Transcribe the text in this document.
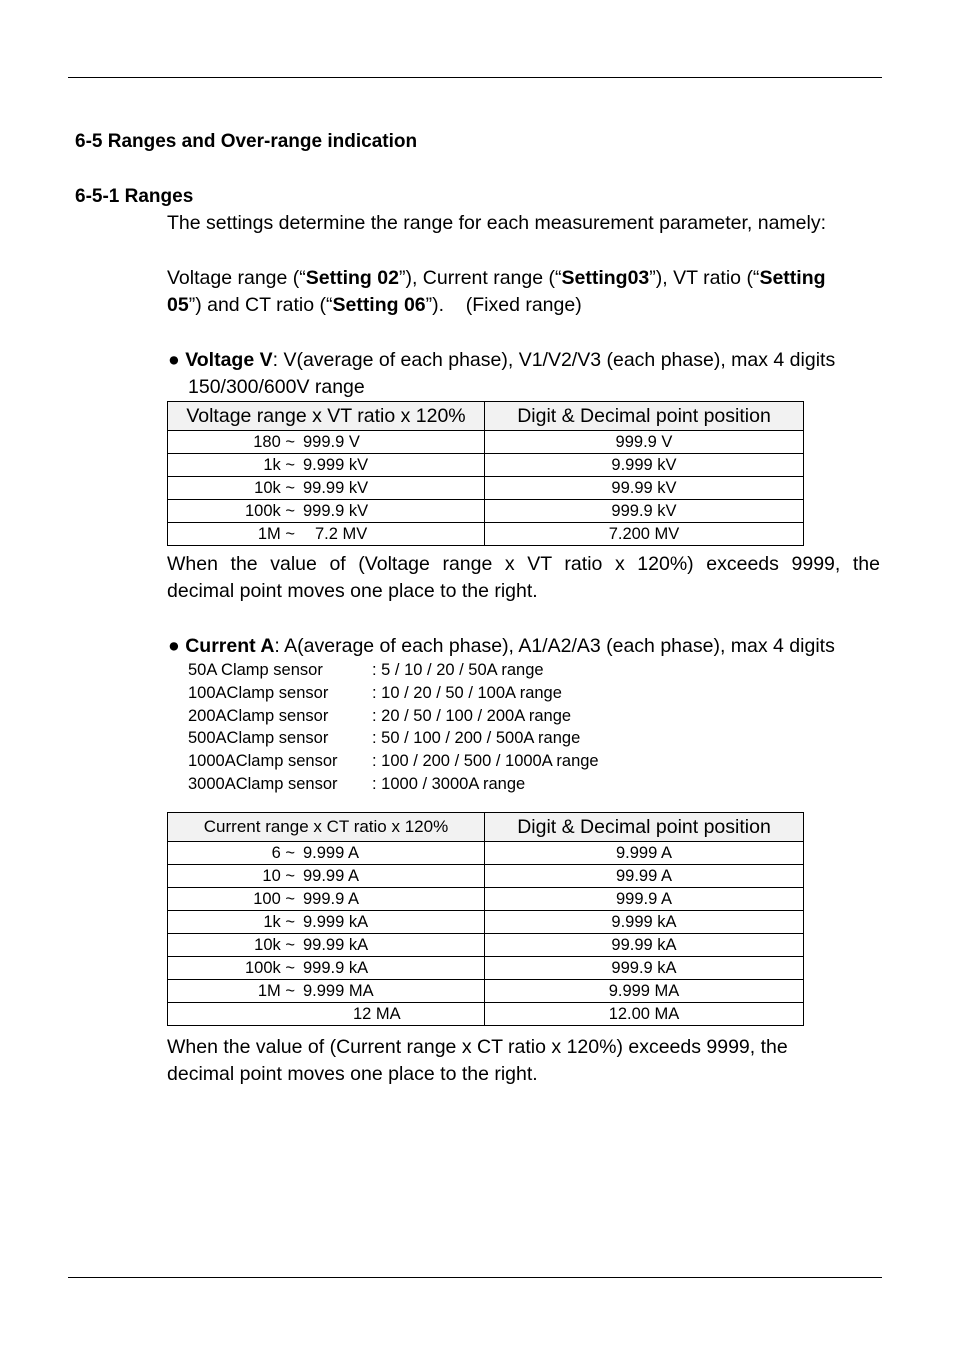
6-5 Ranges and Over-range indication
6-5-1 Ranges
The settings determine the range for each measurement parameter, namely:
Voltage range (“Setting 02”), Current range (“Setting03”), VT ratio (“Setting
05”) and CT ratio (“Setting 06”).    (Fixed range)
● Voltage V: V(average of each phase), V1/V2/V3 (each phase), max 4 digits
150/300/600V range
Voltage range x VT ratio x 120%	Digit & Decimal point position
180 ~ 999.9 V	999.9 V
1k ~ 9.999 kV	9.999 kV
10k ~ 99.99 kV	99.99 kV
100k ~ 999.9 kV	999.9 kV
1M ~ 7.2 MV	7.200 MV
When the value of (Voltage range x VT ratio x 120%) exceeds 9999, the
decimal point moves one place to the right.
● Current A: A(average of each phase), A1/A2/A3 (each phase), max 4 digits
50A Clamp sensor	: 5 / 10 / 20 / 50A range
100AClamp sensor	: 10 / 20 / 50 / 100A range
200AClamp sensor	: 20 / 50 / 100 / 200A range
500AClamp sensor	: 50 / 100 / 200 / 500A range
1000AClamp sensor : 100 / 200 / 500 / 1000A range
3000AClamp sensor : 1000 / 3000A range
Current range x CT ratio x 120%	Digit & Decimal point position
6 ~ 9.999 A	9.999 A
10 ~ 99.99 A	99.99 A
100 ~ 999.9 A	999.9 A
1k ~ 9.999 kA	9.999 kA
10k ~ 99.99 kA	99.99 kA
100k ~ 999.9 kA	999.9 kA
1M ~ 9.999 MA	9.999 MA
12 MA	12.00 MA
When the value of (Current range x CT ratio x 120%) exceeds 9999, the
decimal point moves one place to the right.
